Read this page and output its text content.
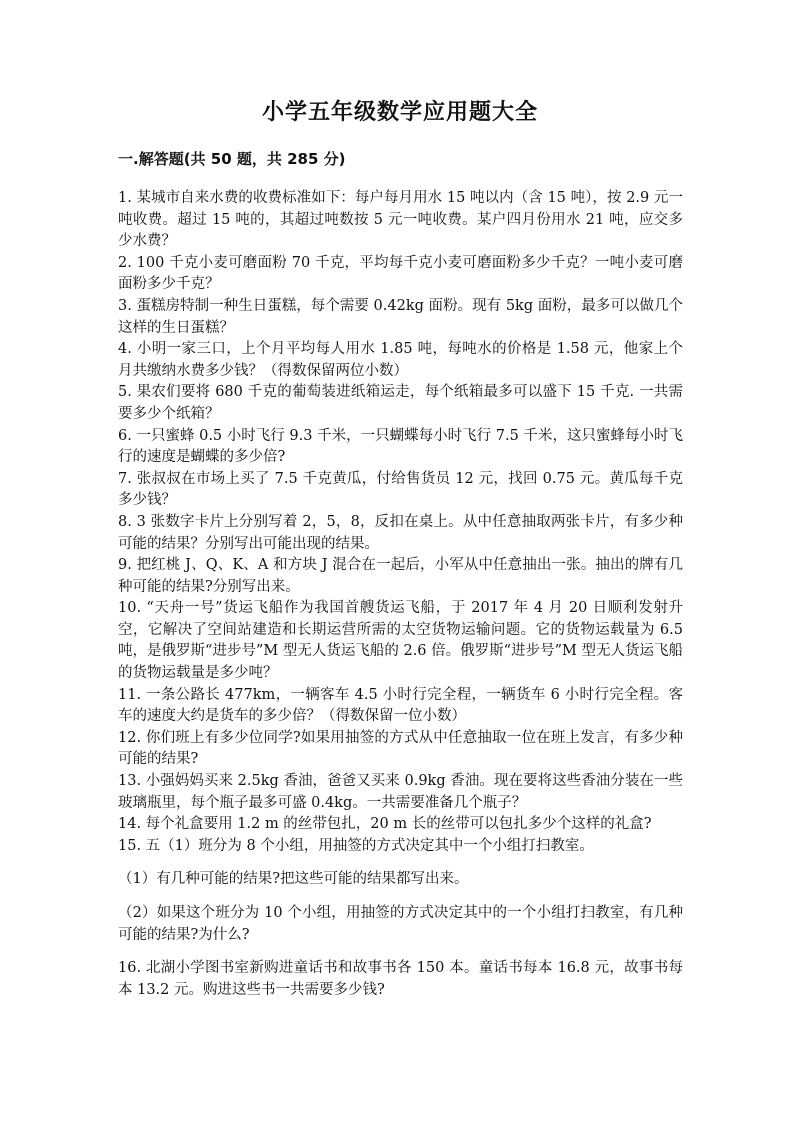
小学五年级数学应用题大全
一.解答题(共 50 题，共 285 分)

1. 某城市自来水费的收费标准如下：每户每月用水 15 吨以内（含 15 吨），按 2.9 元一吨收费。超过 15 吨的，其超过吨数按 5 元一吨收费。某户四月份用水 21 吨，应交多少水费？

2. 100 千克小麦可磨面粉 70 千克，平均每千克小麦可磨面粉多少千克？一吨小麦可磨面粉多少千克？

3. 蛋糕房特制一种生日蛋糕，每个需要 0.42kg 面粉。现有 5kg 面粉，最多可以做几个这样的生日蛋糕？

4. 小明一家三口，上个月平均每人用水 1.85 吨，每吨水的价格是 1.58 元，他家上个月共缴纳水费多少钱？（得数保留两位小数）

5. 果农们要将 680 千克的葡萄装进纸箱运走，每个纸箱最多可以盛下 15 千克. 一共需要多少个纸箱？

6. 一只蜜蜂 0.5 小时飞行 9.3 千米，一只蝴蝶每小时飞行 7.5 千米，这只蜜蜂每小时飞行的速度是蝴蝶的多少倍?

7. 张叔叔在市场上买了 7.5 千克黄瓜，付给售货员 12 元，找回 0.75 元。黄瓜每千克多少钱？

8. 3 张数字卡片上分别写着 2，5，8，反扣在桌上。从中任意抽取两张卡片，有多少种可能的结果？分别写出可能出现的结果。

9. 把红桃 J、Q、K、A 和方块 J 混合在一起后，小军从中任意抽出一张。抽出的牌有几种可能的结果?分别写出来。

10. “天舟一号”货运飞船作为我国首艘货运飞船，于 2017 年 4 月 20 日顺利发射升空，它解决了空间站建造和长期运营所需的太空货物运输问题。它的货物运载量为 6.5 吨，是俄罗斯“进步号”M 型无人货运飞船的 2.6 倍。俄罗斯“进步号”M 型无人货运飞船的货物运载量是多少吨？

11. 一条公路长 477km，一辆客车 4.5 小时行完全程，一辆货车 6 小时行完全程。客车的速度大约是货车的多少倍？（得数保留一位小数）

12. 你们班上有多少位同学?如果用抽签的方式从中任意抽取一位在班上发言，有多少种可能的结果?

13. 小强妈妈买来 2.5kg 香油，爸爸又买来 0.9kg 香油。现在要将这些香油分装在一些玻璃瓶里，每个瓶子最多可盛 0.4kg。一共需要准备几个瓶子？

14. 每个礼盒要用 1.2 m 的丝带包扎，20 m 长的丝带可以包扎多少个这样的礼盒?

15. 五（1）班分为 8 个小组，用抽签的方式决定其中一个小组打扫教室。

（1）有几种可能的结果?把这些可能的结果都写出来。

（2）如果这个班分为 10 个小组，用抽签的方式决定其中的一个小组打扫教室，有几种可能的结果?为什么?

16. 北湖小学图书室新购进童话书和故事书各 150 本。童话书每本 16.8 元，故事书每本 13.2 元。购进这些书一共需要多少钱?
